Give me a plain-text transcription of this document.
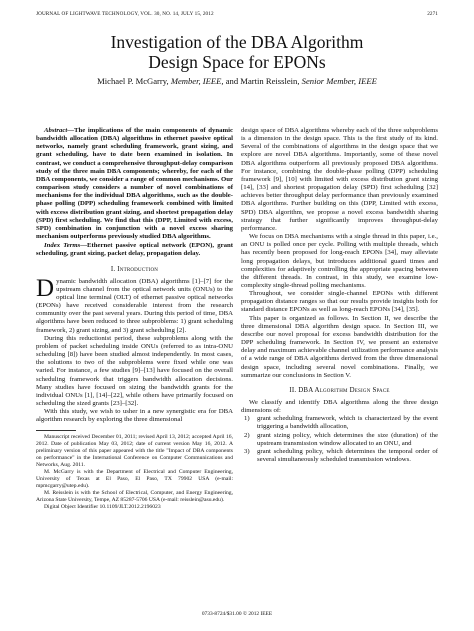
JOURNAL OF LIGHTWAVE TECHNOLOGY, VOL. 30, NO. 14, JULY 15, 2012	2271
Investigation of the DBA Algorithm
Design Space for EPONs
Michael P. McGarry, Member, IEEE, and Martin Reisslein, Senior Member, IEEE

Abstract—The implications of the main components of dynamic bandwidth allocation (DBA) algorithms in ethernet passive optical networks, namely grant scheduling framework, grant sizing, and grant scheduling, have to date been examined in isolation. In contrast, we conduct a comprehensive throughput-delay comparison study of the three main DBA components; whereby, for each of the DBA components, we consider a range of common mechanisms. Our comparison study considers a number of novel combinations of mechanisms for the individual DBA algorithms, such as the double-phase polling (DPP) scheduling framework combined with limited with excess distribution grant sizing, and shortest propagation delay (SPD) first scheduling. We find that this (DPP, Limited with excess, SPD) combination in conjunction with a novel excess sharing mechanism outperforms previously studied DBA algorithms.

Index Terms—Ethernet passive optical network (EPON), grant scheduling, grant sizing, packet delay, propagation delay.

I. Introduction

Dynamic bandwidth allocation (DBA) algorithms [1]–[7] for the upstream channel from the optical network units (ONUs) to the optical line terminal (OLT) of ethernet passive optical networks (EPONs) have received considerable interest from the research community over the past several years. During this period of time, DBA algorithms have been reduced to three subproblems: 1) grant scheduling framework, 2) grant sizing, and 3) grant scheduling [2].

During this reductionist period, these subproblems along with the problem of packet scheduling inside ONUs (referred to as intra-ONU scheduling [8]) have been studied almost independently. In most cases, the solutions to two of the subproblems were fixed while one was varied. For instance, a few studies [9]–[13] have focused on the overall scheduling framework that triggers bandwidth allocation decisions. Many studies have focused on sizing the bandwidth grants for the individual ONUs [1], [14]–[22], while others have primarily focused on scheduling the sized grants [23]–[32].

With this study, we wish to usher in a new synergistic era for DBA algorithm research by exploring the three dimensional

Manuscript received December 01, 2011; revised April 13, 2012; accepted April 16, 2012. Date of publication May 03, 2012; date of current version May 16, 2012. A preliminary version of this paper appeared with the title "Impact of DBA components on performance" in the International Conference on Computer Communications and Networks, Aug. 2011.

M. McGarry is with the Department of Electrical and Computer Engineering, University of Texas at El Paso, El Paso, TX 79902 USA (e-mail: mpmcgarry@utep.edu).

M. Reisslein is with the School of Electrical, Computer, and Energy Engineering, Arizona State University, Tempe, AZ 85287-5706 USA (e-mail: reisslein@asu.edu).

Digital Object Identifier 10.1109/JLT.2012.2196023

design space of DBA algorithms whereby each of the three subproblems is a dimension in the design space. This is the first study of its kind. Several of the combinations of algorithms in the design space that we explore are novel DBA algorithms. Importantly, some of these novel DBA algorithms outperform all previously proposed DBA algorithms. For instance, combining the double-phase polling (DPP) scheduling framework [9], [10] with limited with excess distribution grant sizing [14], [33] and shortest propagation delay (SPD) first scheduling [32] achieves better throughput delay performance than previously examined DBA algorithms. Further building on this (DPP, Limited with excess, SPD) DBA algorithm, we propose a novel excess bandwidth sharing strategy that further significantly improves throughput-delay performance.

We focus on DBA mechanisms with a single thread in this paper, i.e., an ONU is polled once per cycle. Polling with multiple threads, which has recently been proposed for long-reach EPONs [34], may alleviate long propagation delays, but introduces additional guard times and complexities for adaptively controlling the appropriate spacing between the different threads. In contrast, in this study, we examine low-complexity single-thread polling mechanisms.

Throughout, we consider single-channel EPONs with different propagation distance ranges so that our results provide insights both for standard distance EPONs as well as long-reach EPONs [34], [35].

This paper is organized as follows. In Section II, we describe the three dimensional DBA algorithm design space. In Section III, we describe our novel proposal for excess bandwidth distribution for the DPP scheduling framework. In Section IV, we present an extensive delay and maximum achievable channel utilization performance analysis of a wide range of DBA algorithms derived from the three dimensional design space, including several novel combinations. Finally, we summarize our conclusions in Section V.

II. DBA Algorithm Design Space

We classify and identify DBA algorithms along the three design dimensions of:

1) grant scheduling framework, which is characterized by the event triggering a bandwidth allocation,
2) grant sizing policy, which determines the size (duration) of the upstream transmission window allocated to an ONU, and
3) grant scheduling policy, which determines the temporal order of several simultaneously scheduled transmission windows.
0733-8724/$31.00 © 2012 IEEE
